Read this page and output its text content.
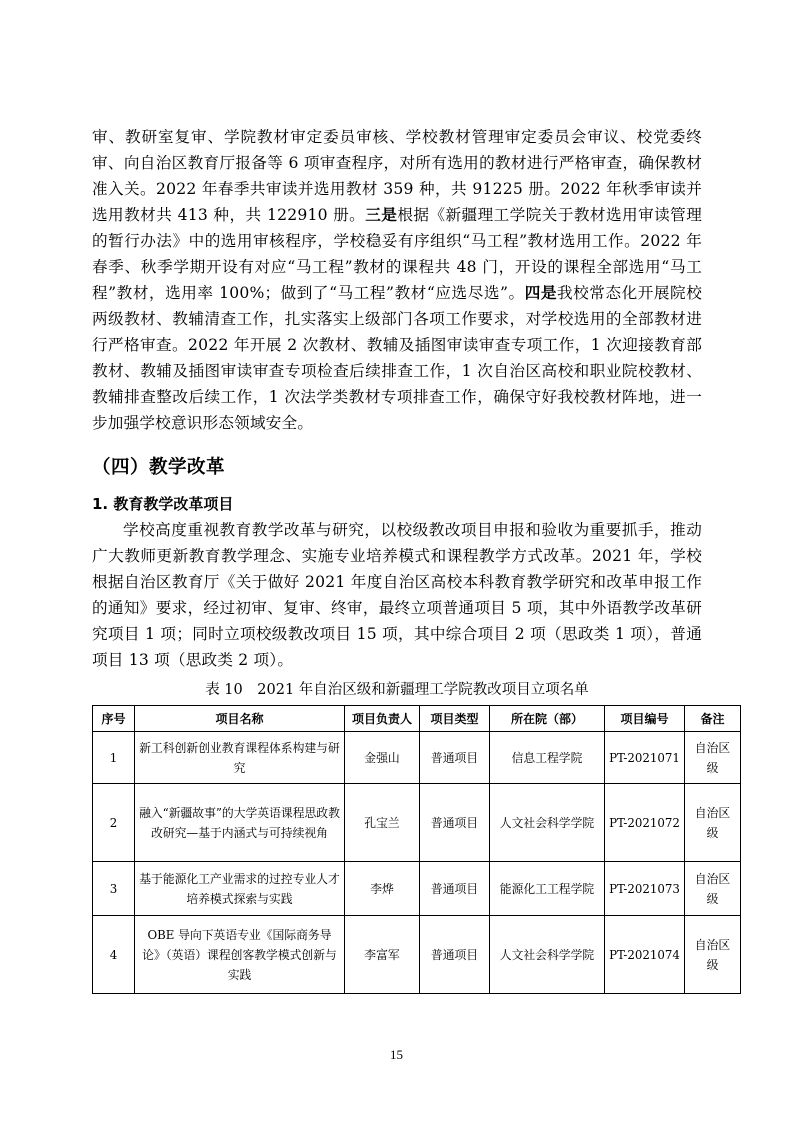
审、教研室复审、学院教材审定委员审核、学校教材管理审定委员会审议、校党委终审、向自治区教育厅报备等 6 项审查程序，对所有选用的教材进行严格审查，确保教材准入关。2022 年春季共审读并选用教材 359 种，共 91225 册。2022 年秋季审读并选用教材共 413 种，共 122910 册。三是根据《新疆理工学院关于教材选用审读管理的暂行办法》中的选用审核程序，学校稳妥有序组织“马工程”教材选用工作。2022 年春季、秋季学期开设有对应“马工程”教材的课程共 48 门，开设的课程全部选用“马工程”教材，选用率 100%；做到了“马工程”教材“应选尽选”。四是我校常态化开展院校两级教材、教辅清查工作，扎实落实上级部门各项工作要求，对学校选用的全部教材进行严格审查。2022 年开展 2 次教材、教辅及插图审读审查专项工作，1 次迎接教育部教材、教辅及插图审读审查专项检查后续排查工作，1 次自治区高校和职业院校教材、教辅排查整改后续工作，1 次法学类教材专项排查工作，确保守好我校教材阵地，进一步加强学校意识形态领域安全。

（四）教学改革
1. 教育教学改革项目

学校高度重视教育教学改革与研究，以校级教改项目申报和验收为重要抓手，推动广大教师更新教育教学理念、实施专业培养模式和课程教学方式改革。2021 年，学校根据自治区教育厅《关于做好 2021 年度自治区高校本科教育教学研究和改革申报工作的通知》要求，经过初审、复审、终审，最终立项普通项目 5 项，其中外语教学改革研究项目 1 项；同时立项校级教改项目 15 项，其中综合项目 2 项（思政类 1 项），普通项目 13 项（思政类 2 项）。

表 10　2021 年自治区级和新疆理工学院教改项目立项名单
序号	项目名称	项目负责人	项目类型	所在院（部）	项目编号	备注
1	新工科创新创业教育课程体系构建与研究	金强山	普通项目	信息工程学院	PT-2021071	自治区级
2	融入“新疆故事”的大学英语课程思政教改研究—基于内涵式与可持续视角	孔宝兰	普通项目	人文社会科学学院	PT-2021072	自治区级
3	基于能源化工产业需求的过控专业人才培养模式探索与实践	李烨	普通项目	能源化工工程学院	PT-2021073	自治区级
4	OBE 导向下英语专业《国际商务导论》（英语）课程创客教学模式创新与实践	李富军	普通项目	人文社会科学学院	PT-2021074	自治区级
15
